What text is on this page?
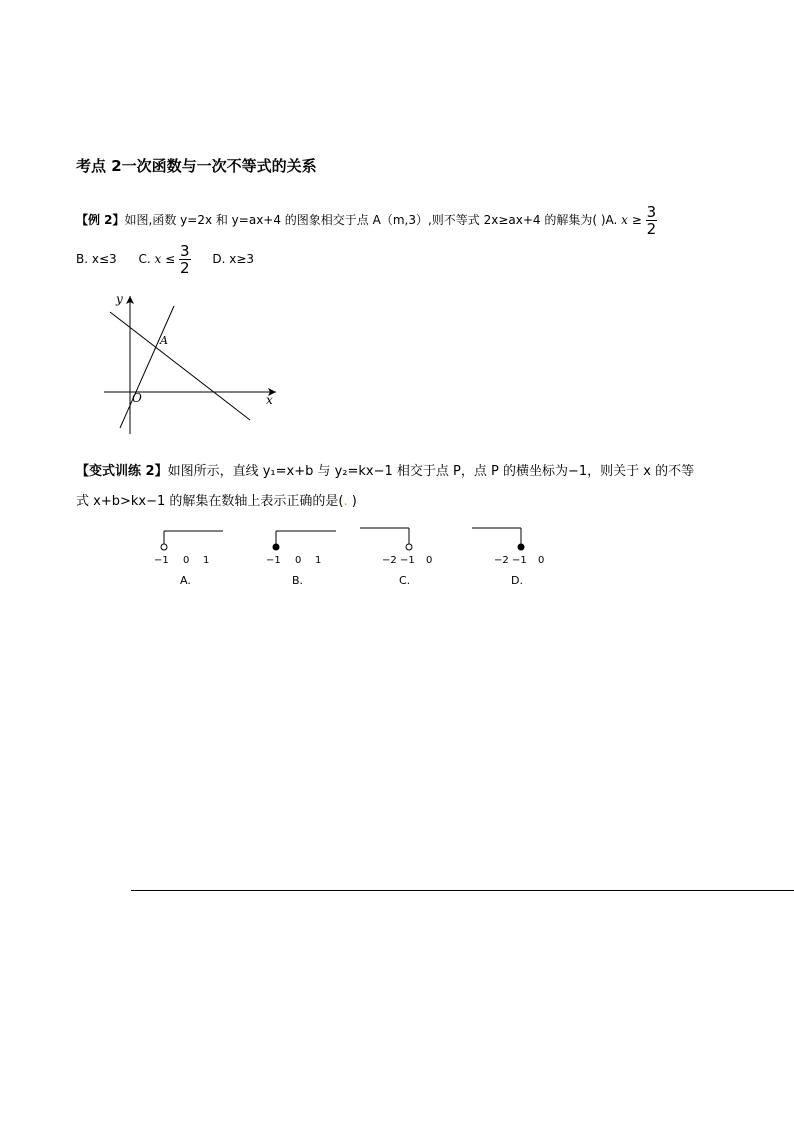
考点 2一次函数与一次不等式的关系
【例 2】如图,函数 y=2x 和 y=ax+4 的图象相交于点 A（m,3）,则不等式 2x≥ax+4 的解集为( )A. $x \ge \frac{3}{2}$
B. x≤3 C. $x \le \frac{3}{2} D$. x≥3
y
x
O
A
【变式训练 2】如图所示，直线 y₁=x+b 与 y₂=kx−1 相交于点 P，点 P 的横坐标为−1，则关于 x 的不等
式 x+b>kx−1 的解集在数轴上表示正确的是(. )
−1 0 1
A.
−1 0 1
B.
−2 −1 0
C.
−2 −1 0
D.
